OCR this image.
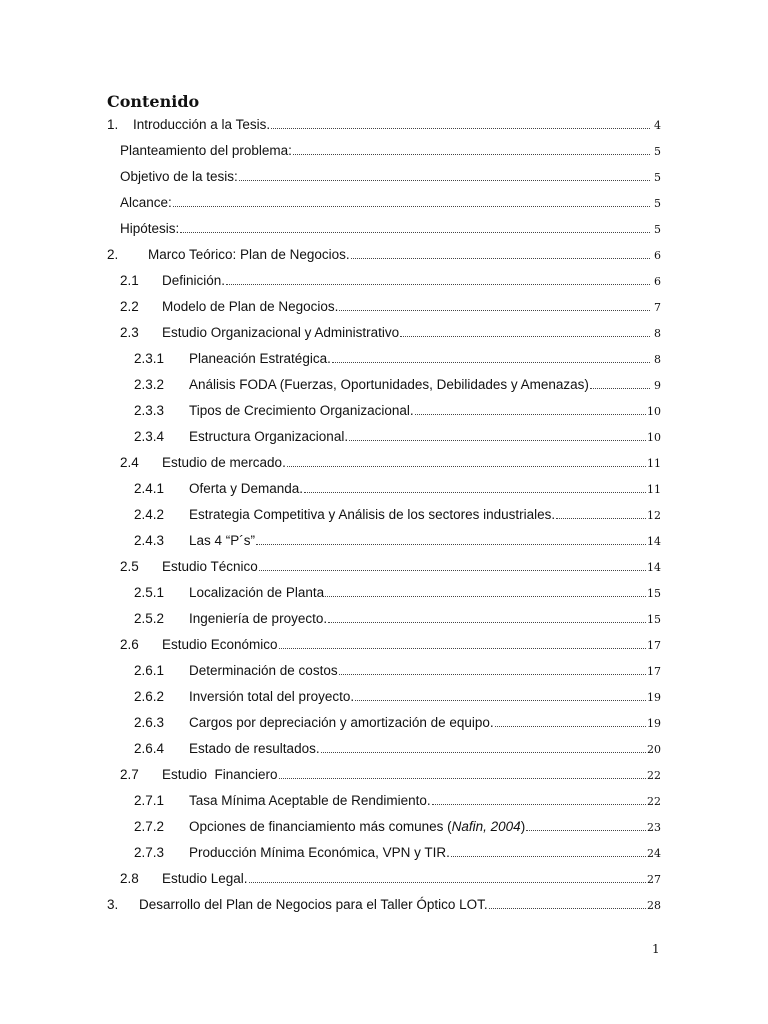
Contenido
1.	Introducción a la Tesis.	4
Planteamiento del problema:	5
Objetivo de la tesis:	5
Alcance:	5
Hipótesis:	5
2.	Marco Teórico: Plan de Negocios.	6
2.1	Definición.	6
2.2	Modelo de Plan de Negocios.	7
2.3	Estudio Organizacional y Administrativo	8
2.3.1	Planeación Estratégica.	8
2.3.2	Análisis FODA (Fuerzas, Oportunidades, Debilidades y Amenazas)	9
2.3.3	Tipos de Crecimiento Organizacional.	10
2.3.4	Estructura Organizacional.	10
2.4	Estudio de mercado.	11
2.4.1	Oferta y Demanda.	11
2.4.2	Estrategia Competitiva y Análisis de los sectores industriales.	12
2.4.3	Las 4 “P´s”	14
2.5	Estudio Técnico	14
2.5.1	Localización de Planta	15
2.5.2	Ingeniería de proyecto.	15
2.6	Estudio Económico	17
2.6.1	Determinación de costos	17
2.6.2	Inversión total del proyecto.	19
2.6.3	Cargos por depreciación y amortización de equipo.	19
2.6.4	Estado de resultados.	20
2.7	Estudio  Financiero	22
2.7.1	Tasa Mínima Aceptable de Rendimiento.	22
2.7.2	Opciones de financiamiento más comunes (Nafin, 2004)	23
2.7.3	Producción Mínima Económica, VPN y TIR.	24
2.8	Estudio Legal.	27
3.	Desarrollo del Plan de Negocios para el Taller Óptico LOT.	28
1
